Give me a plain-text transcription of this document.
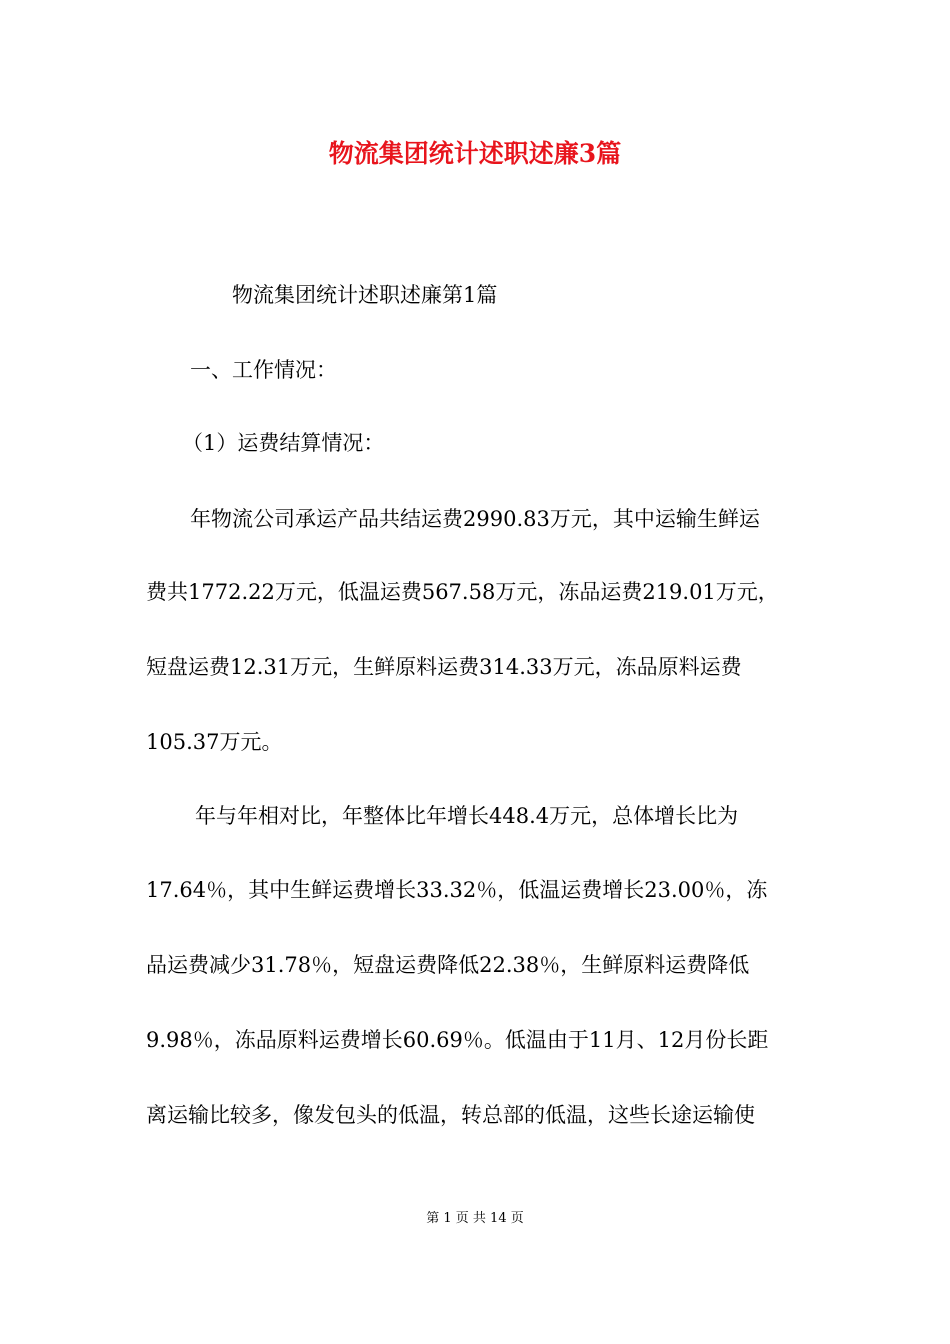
物流集团统计述职述廉3篇
物流集团统计述职述廉第1篇
一、工作情况：
（1）运费结算情况：
年物流公司承运产品共结运费2990.83万元，其中运输生鲜运
费共1772.22万元，低温运费567.58万元，冻品运费219.01万元，
短盘运费12.31万元，生鲜原料运费314.33万元，冻品原料运费
105.37万元。
年与年相对比，年整体比年增长448.4万元，总体增长比为
17.64％，其中生鲜运费增长33.32％，低温运费增长23.00％，冻
品运费减少31.78％，短盘运费降低22.38％，生鲜原料运费降低
9.98％，冻品原料运费增长60.69％。低温由于11月、12月份长距
离运输比较多，像发包头的低温，转总部的低温，这些长途运输使
第 1 页 共 14 页
